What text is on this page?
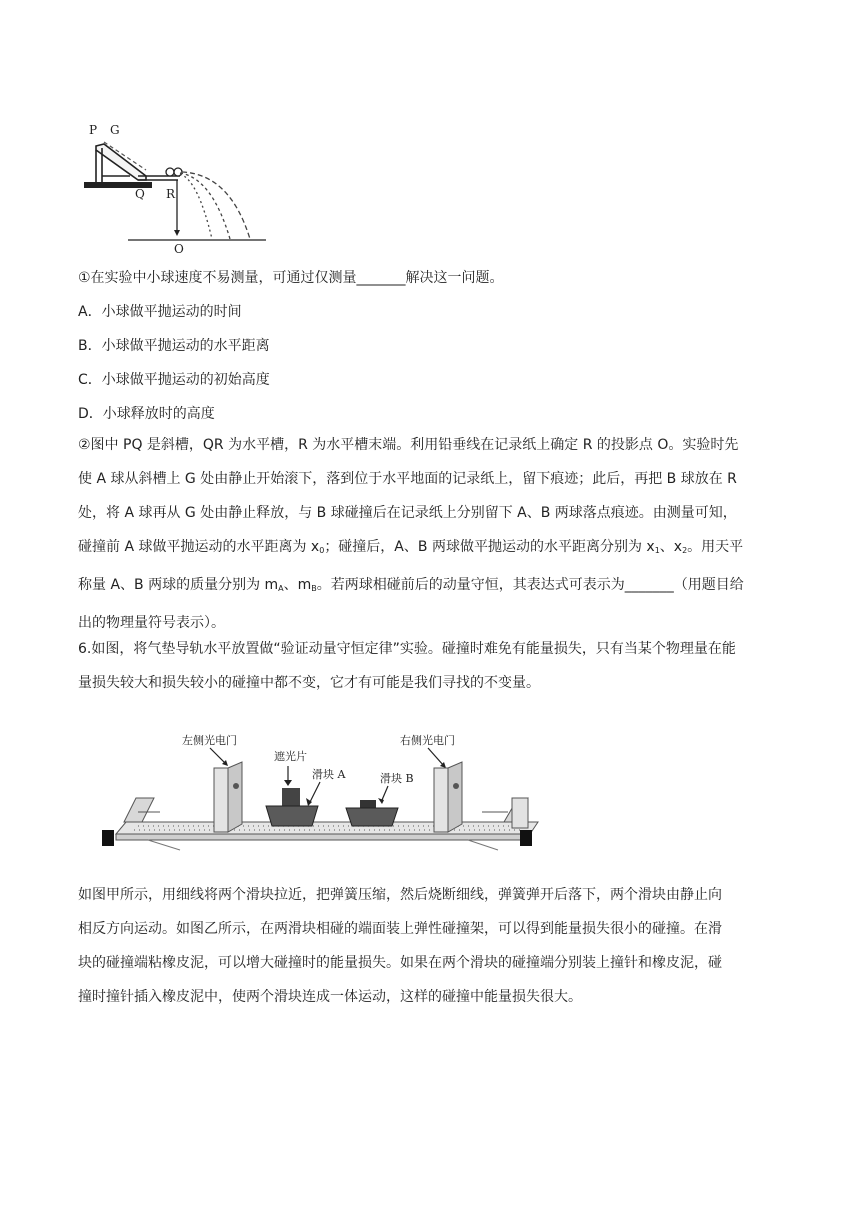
P G
Q R
O
①在实验中小球速度不易测量，可通过仅测量_______解决这一问题。
A．小球做平抛运动的时间
B．小球做平抛运动的水平距离
C．小球做平抛运动的初始高度
D．小球释放时的高度

②图中 PQ 是斜槽，QR 为水平槽，R 为水平槽末端。利用铅垂线在记录纸上确定 R 的投影点 O。实验时先

使 A 球从斜槽上 G 处由静止开始滚下，落到位于水平地面的记录纸上，留下痕迹；此后，再把 B 球放在 R

处，将 A 球再从 G 处由静止释放，与 B 球碰撞后在记录纸上分别留下 A、B 两球落点痕迹。由测量可知，

碰撞前 A 球做平抛运动的水平距离为 $x_0$；碰撞后，A、B 两球做平抛运动的水平距离分别为 $x_1$、$x_2$。用天平

称量 A、B 两球的质量分别为 $m_A$、$m_B$。若两球相碰前后的动量守恒，其表达式可表示为_______（用题目给

出的物理量符号表示）。

6.如图，将气垫导轨水平放置做“验证动量守恒定律”实验。碰撞时难免有能量损失，只有当某个物理量在能

量损失较大和损失较小的碰撞中都不变，它才有可能是我们寻找的不变量。

左侧光电门
遮光片
滑块 A	滑块 B
右侧光电门

如图甲所示，用细线将两个滑块拉近，把弹簧压缩，然后烧断细线，弹簧弹开后落下，两个滑块由静止向

相反方向运动。如图乙所示，在两滑块相碰的端面装上弹性碰撞架，可以得到能量损失很小的碰撞。在滑

块的碰撞端粘橡皮泥，可以增大碰撞时的能量损失。如果在两个滑块的碰撞端分别装上撞针和橡皮泥，碰

撞时撞针插入橡皮泥中，使两个滑块连成一体运动，这样的碰撞中能量损失很大。
